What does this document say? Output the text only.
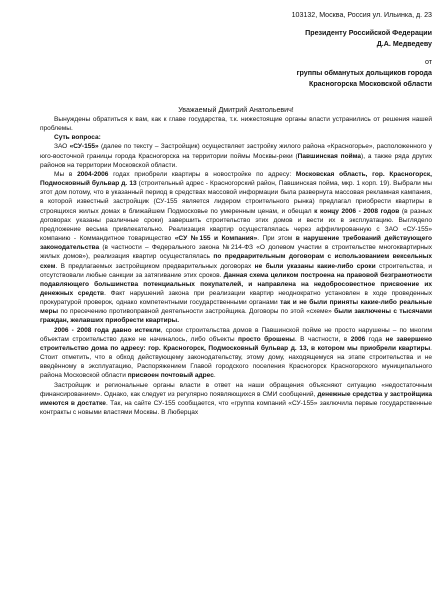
103132, Москва, Россия ул. Ильинка, д. 23
Президенту Российской Федерации
Д.А. Медведеву
от
группы обманутых дольщиков города
Красногорска Московской области
Уважаемый Дмитрий Анатольевич!

Вынуждены обратиться к вам, как к главе государства, т.к. нижестоящие органы власти устранились от решения нашей проблемы.

Суть вопроса:

ЗАО «СУ-155» (далее по тексту – Застройщик) осуществляет застройку жилого района «Красногорье», расположенного у юго-восточной границы города Красногорска на территории поймы Москвы-реки (Павшинская пойма), а также ряда других районов на территории Московской области.

Мы в 2004-2006 годах приобрели квартиры в новостройке по адресу: Московская область, гор. Красногорск, Подмосковный бульвар д. 13 (строительный адрес - Красногорский район, Павшинская пойма, мкр. 1 корп. 19). Выбрали мы этот дом потому, что в указанный период в средствах массовой информации была развернута массовая рекламная кампания, в которой известный застройщик (СУ-155 является лидером строительного рынка) предлагал приобрести квартиры в строящихся жилых домах в ближайшем Подмосковье по умеренным ценам, и обещал к концу 2006 - 2008 годов (в разных договорах указаны различные сроки) завершить строительство этих домов и вести их в эксплуатацию. Выглядело предложение весьма привлекательно. Реализация квартир осуществлялась через аффилированную с ЗАО «СУ-155» компанию - Коммандитное товарищество «СУ №155 и Компания». При этом в нарушение требований действующего законодательства (в частности – Федерального закона №214-ФЗ «О долевом участии в строительстве многоквартирных жилых домов»), реализация квартир осуществлялась по предварительным договорам с использованием вексельных схем. В предлагаемых застройщиком предварительных договорах не были указаны какие-либо сроки строительства, и отсутствовали любые санкции за затягивание этих сроков. Данная схема целиком построена на правовой безграмотности подавляющего большинства потенциальных покупателей, и направлена на недобросовестное присвоение их денежных средств. Факт нарушений закона при реализации квартир неоднократно установлен в ходе проведенных прокуратурой проверок, однако компетентными государственными органами так и не были приняты какие-либо реальные меры по пресечению противоправной деятельности застройщика. Договоры по этой «схеме» были заключены с тысячами граждан, желавших приобрести квартиры.

2006 - 2008 года давно истекли, сроки строительства домов в Павшинской пойме не просто нарушены – по многим объектам строительство даже не начиналось, либо объекты просто брошены. В частности, в 2006 года не завершено строительство дома по адресу: гор. Красногорск, Подмосковный бульвар д. 13, в котором мы приобрели квартиры. Стоит отметить, что в обход действующему законодательству, этому дому, находящемуся на этапе строительства и не введённому в эксплуатацию, Распоряжением Главой городского поселения Красногорск Красногорского муниципального района Московской области присвоен почтовый адрес.

Застройщик и региональные органы власти в ответ на наши обращения объясняют ситуацию «недостаточным финансированием». Однако, как следует из регулярно появляющихся в СМИ сообщений, денежные средства у застройщика имеются в достатке. Так, на сайте СУ-155 сообщается, что «группа компаний «СУ-155» заключила первые государственные контракты с новыми властями Москвы. В Люберцах
